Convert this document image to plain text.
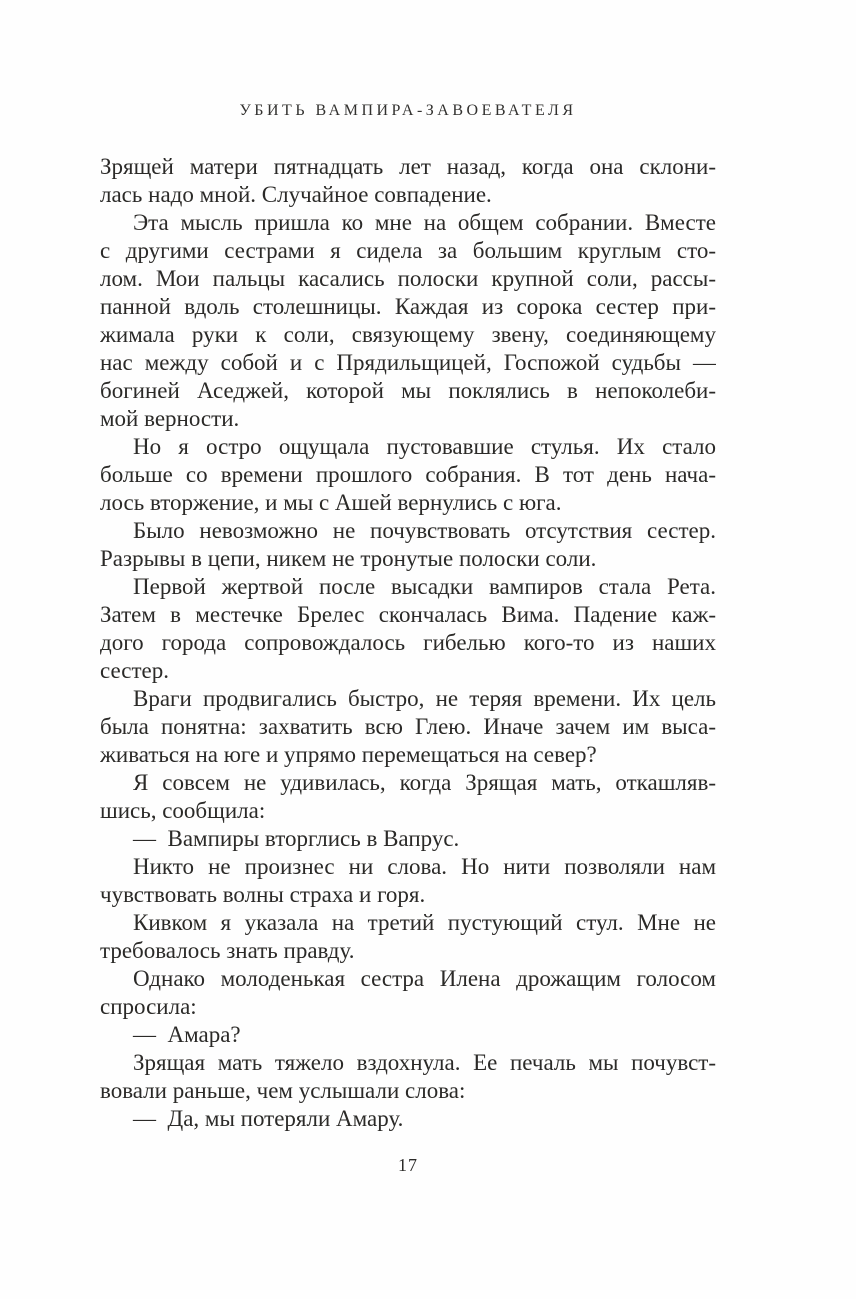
УБИТЬ ВАМПИРА-ЗАВОЕВАТЕЛЯ

Зрящей матери пятнадцать лет назад, когда она склони-
лась надо мной. Случайное совпадение.

Эта мысль пришла ко мне на общем собрании. Вместе
с другими сестрами я сидела за большим круглым сто-
лом. Мои пальцы касались полоски крупной соли, рассы-
панной вдоль столешницы. Каждая из сорока сестер при-
жимала руки к соли, связующему звену, соединяющему
нас между собой и с Прядильщицей, Госпожой судьбы —
богиней Аседжей, которой мы поклялись в непоколеби-
мой верности.

Но я остро ощущала пустовавшие стулья. Их стало
больше со времени прошлого собрания. В тот день нача-
лось вторжение, и мы с Ашей вернулись с юга.

Было невозможно не почувствовать отсутствия сестер.
Разрывы в цепи, никем не тронутые полоски соли.

Первой жертвой после высадки вампиров стала Рета.
Затем в местечке Брелес скончалась Вима. Падение каж-
дого города сопровождалось гибелью кого-то из наших
сестер.

Враги продвигались быстро, не теряя времени. Их цель
была понятна: захватить всю Глею. Иначе зачем им выса-
живаться на юге и упрямо перемещаться на север?

Я совсем не удивилась, когда Зрящая мать, откашляв-
шись, сообщила:

— Вампиры вторглись в Вапрус.

Никто не произнес ни слова. Но нити позволяли нам
чувствовать волны страха и горя.

Кивком я указала на третий пустующий стул. Мне не
требовалось знать правду.

Однако молоденькая сестра Илена дрожащим голосом
спросила:

— Амара?

Зрящая мать тяжело вздохнула. Ее печаль мы почувст-
вовали раньше, чем услышали слова:

— Да, мы потеряли Амару.

17
